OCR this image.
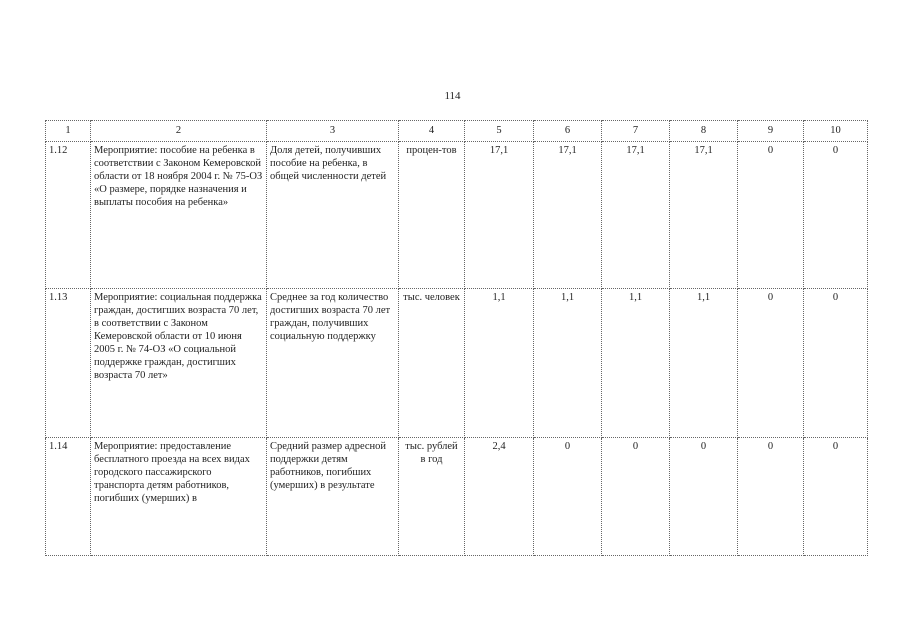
114
1	2	3	4	5	6	7	8	9	10
1.12	Мероприятие: пособие на ребенка в соответствии с Законом Кемеровской области от 18 ноября 2004 г. № 75-ОЗ «О размере, порядке назначения и выплаты пособия на ребенка»	Доля детей, получивших пособие на ребенка, в общей численности детей	процен-тов	17,1	17,1	17,1	17,1	0	0
1.13	Мероприятие: социальная поддержка граждан, достигших возраста 70 лет, в соответствии с Законом Кемеровской области от 10 июня 2005 г. № 74-ОЗ «О социальной поддержке граждан, достигших возраста 70 лет»	Среднее за год количество достигших возраста 70 лет граждан, получивших социальную поддержку	тыс. человек	1,1	1,1	1,1	1,1	0	0
1.14	Мероприятие: предоставление бесплатного проезда на всех видах городского пассажирского транспорта детям работников, погибших (умерших) в	Средний размер адресной поддержки детям работников, погибших (умерших) в результате	тыс. рублей в год	2,4	0	0	0	0	0
